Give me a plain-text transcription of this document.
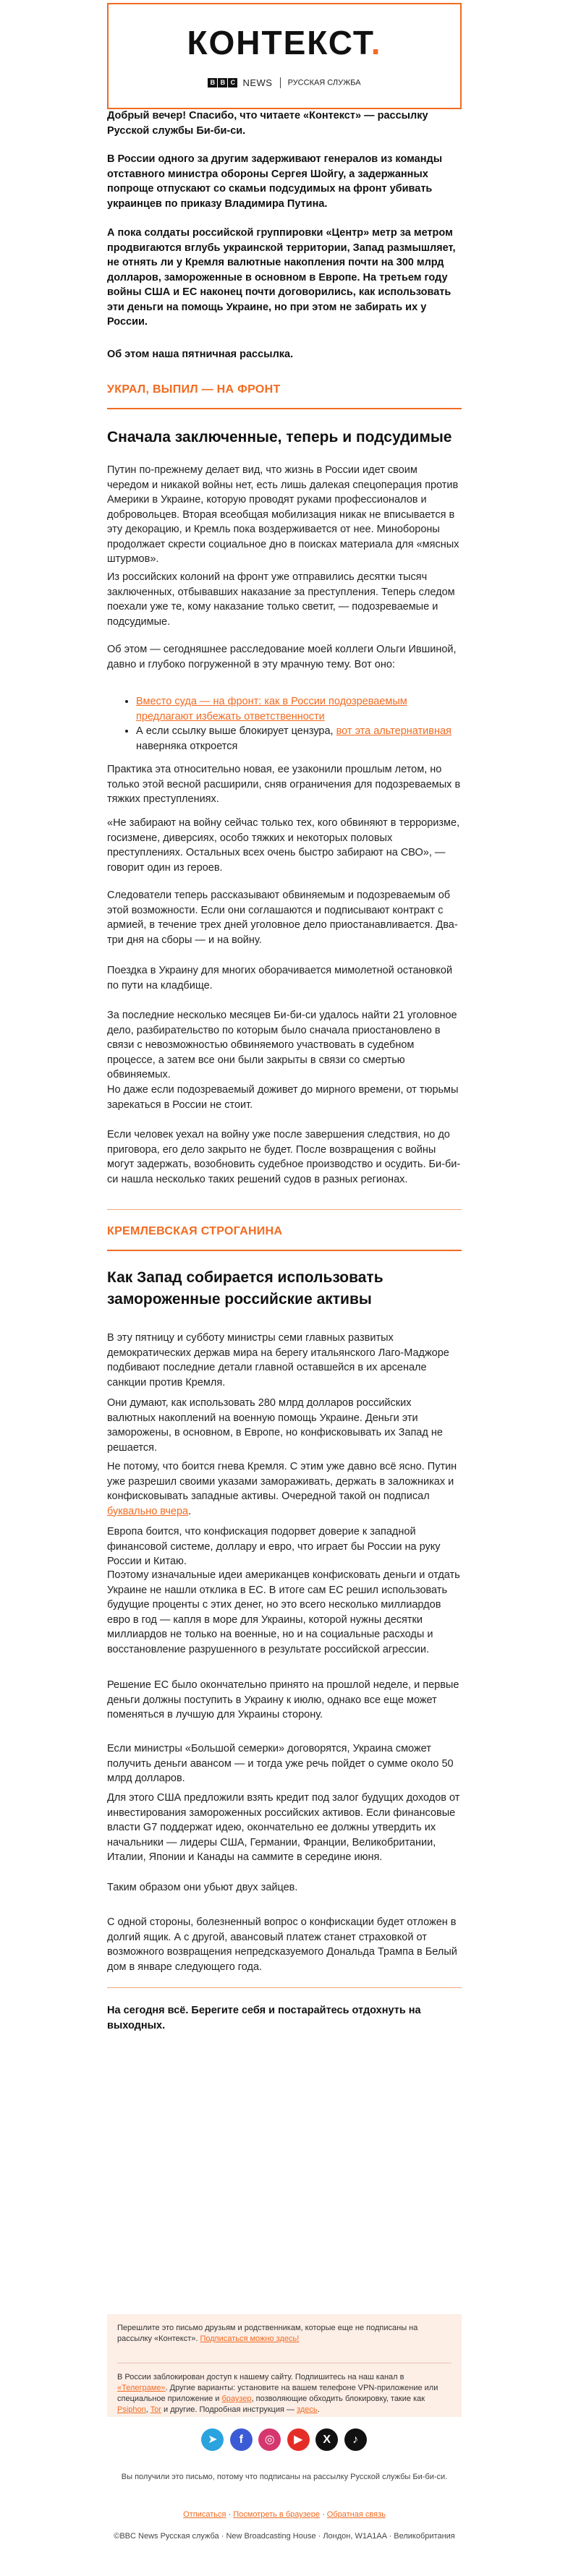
КОНТЕКСТ.
B B C NEWS РУССКАЯ СЛУЖБА

Добрый вечер! Спасибо, что читаете «Контекст» — рассылку Русской службы Би-би-си.

В России одного за другим задерживают генералов из команды отставного министра обороны Сергея Шойгу, а задержанных попроще отпускают со скамьи подсудимых на фронт убивать украинцев по приказу Владимира Путина.

А пока солдаты российской группировки «Центр» метр за метром продвигаются вглубь украинской территории, Запад размышляет, не отнять ли у Кремля валютные накопления почти на 300 млрд долларов, замороженные в основном в Европе. На третьем году войны США и ЕС наконец почти договорились, как использовать эти деньги на помощь Украине, но при этом не забирать их у России.

Об этом наша пятничная рассылка.

УКРАЛ, ВЫПИЛ — НА ФРОНТ
Сначала заключенные, теперь и подсудимые

Путин по-прежнему делает вид, что жизнь в России идет своим чередом и никакой войны нет, есть лишь далекая спецоперация против Америки в Украине, которую проводят руками профессионалов и добровольцев. Вторая всеобщая мобилизация никак не вписывается в эту декорацию, и Кремль пока воздерживается от нее. Минобороны продолжает скрести социальное дно в поисках материала для «мясных штурмов».

Из российских колоний на фронт уже отправились десятки тысяч заключенных, отбывавших наказание за преступления. Теперь следом поехали уже те, кому наказание только светит, — подозреваемые и подсудимые.

Об этом — сегодняшнее расследование моей коллеги Ольги Ившиной, давно и глубоко погруженной в эту мрачную тему. Вот оно:

• Вместо суда — на фронт: как в России подозреваемым предлагают избежать ответственности
• А если ссылку выше блокирует цензура, вот эта альтернативная наверняка откроется

Практика эта относительно новая, ее узаконили прошлым летом, но только этой весной расширили, сняв ограничения для подозреваемых в тяжких преступлениях.

«Не забирают на войну сейчас только тех, кого обвиняют в терроризме, госизмене, диверсиях, особо тяжких и некоторых половых преступлениях. Остальных всех очень быстро забирают на СВО», — говорит один из героев.

Следователи теперь рассказывают обвиняемым и подозреваемым об этой возможности. Если они соглашаются и подписывают контракт с армией, в течение трех дней уголовное дело приостанавливается. Два-три дня на сборы — и на войну.

Поездка в Украину для многих оборачивается мимолетной остановкой по пути на кладбище.

За последние несколько месяцев Би-би-си удалось найти 21 уголовное дело, разбирательство по которым было сначала приостановлено в связи с невозможностью обвиняемого участвовать в судебном процессе, а затем все они были закрыты в связи со смертью обвиняемых.

Но даже если подозреваемый доживет до мирного времени, от тюрьмы зарекаться в России не стоит.

Если человек уехал на войну уже после завершения следствия, но до приговора, его дело закрыто не будет. После возвращения с войны могут задержать, возобновить судебное производство и осудить. Би-би-си нашла несколько таких решений судов в разных регионах.

КРЕМЛЕВСКАЯ СТРОГАНИНА
Как Запад собирается использовать замороженные российские активы

В эту пятницу и субботу министры семи главных развитых демократических держав мира на берегу итальянского Лаго-Маджоре подбивают последние детали главной оставшейся в их арсенале санкции против Кремля.

Они думают, как использовать 280 млрд долларов российских валютных накоплений на военную помощь Украине. Деньги эти заморожены, в основном, в Европе, но конфисковывать их Запад не решается.

Не потому, что боится гнева Кремля. С этим уже давно всё ясно. Путин уже разрешил своими указами замораживать, держать в заложниках и конфисковывать западные активы. Очередной такой он подписал буквально вчера.

Европа боится, что конфискация подорвет доверие к западной финансовой системе, доллару и евро, что играет бы России на руку России и Китаю.

Поэтому изначальные идеи американцев конфисковать деньги и отдать Украине не нашли отклика в ЕС. В итоге сам ЕС решил использовать будущие проценты с этих денег, но это всего несколько миллиардов евро в год — капля в море для Украины, которой нужны десятки миллиардов не только на военные, но и на социальные расходы и восстановление разрушенного в результате российской агрессии.

Решение ЕС было окончательно принято на прошлой неделе, и первые деньги должны поступить в Украину к июлю, однако все еще может поменяться в лучшую для Украины сторону.

Если министры «Большой семерки» договорятся, Украина сможет получить деньги авансом — и тогда уже речь пойдет о сумме около 50 млрд долларов.

Для этого США предложили взять кредит под залог будущих доходов от инвестирования замороженных российских активов. Если финансовые власти G7 поддержат идею, окончательно ее должны утвердить их начальники — лидеры США, Германии, Франции, Великобритании, Италии, Японии и Канады на саммите в середине июня.

Таким образом они убьют двух зайцев.

С одной стороны, болезненный вопрос о конфискации будет отложен в долгий ящик. А с другой, авансовый платеж станет страховкой от возможного возвращения непредсказуемого Дональда Трампа в Белый дом в январе следующего года.

На сегодня всё. Берегите себя и постарайтесь отдохнуть на выходных.

Перешлите это письмо друзьям и родственникам, которые еще не подписаны на рассылку «Контекст». Подписаться можно здесь!

В России заблокирован доступ к нашему сайту. Подпишитесь на наш канал в «Телеграме». Другие варианты: установите на вашем телефоне VPN-приложение или специальное приложение и браузер, позволяющие обходить блокировку, такие как Psiphon, Tor и другие. Подробная инструкция — здесь.

➤ f ◎ ▶ X ♪

Вы получили это письмо, потому что подписаны на рассылку Русской службы Би-би-си.

Отписаться · Посмотреть в браузере · Обратная связь

©BBC News Русская служба · New Broadcasting House · Лондон, W1A1AA · Великобритания
